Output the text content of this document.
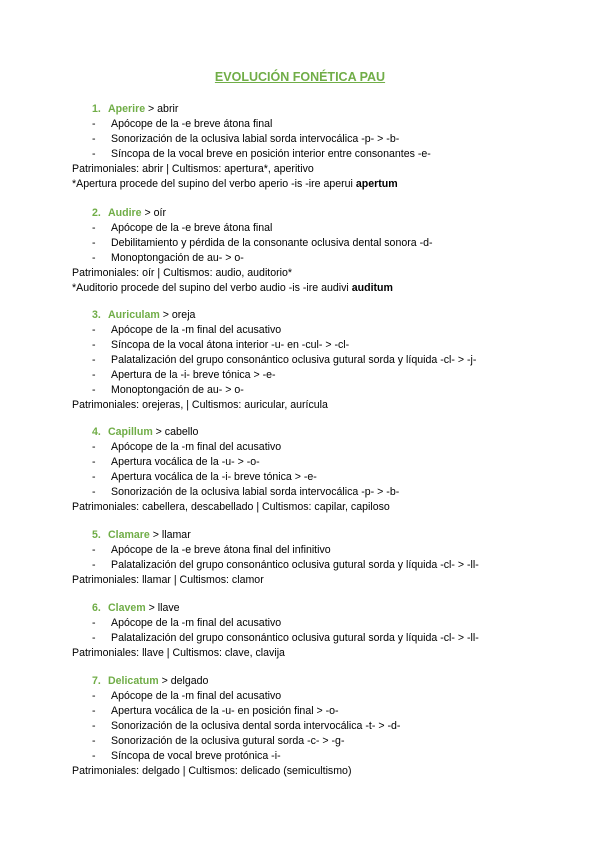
EVOLUCIÓN FONÉTICA PAU
1. Aperire > abrir
- Apócope de la -e breve átona final
- Sonorización de la oclusiva labial sorda intervocálica -p- > -b-
- Síncopa de la vocal breve en posición interior entre consonantes -e-
Patrimoniales: abrir | Cultismos: apertura*, aperitivo
*Apertura procede del supino del verbo aperio -is -ire aperui apertum
2. Audire > oír
- Apócope de la -e breve átona final
- Debilitamiento y pérdida de la consonante oclusiva dental sonora -d-
- Monoptongación de au- > o-
Patrimoniales: oír | Cultismos: audio, auditorio*
*Auditorio procede del supino del verbo audio -is -ire audivi auditum
3. Auriculam > oreja
- Apócope de la -m final del acusativo
- Síncopa de la vocal átona interior -u- en -cul- > -cl-
- Palatalización del grupo consonántico oclusiva gutural sorda y líquida -cl- > -j-
- Apertura de la -i- breve tónica > -e-
- Monoptongación de au- > o-
Patrimoniales: orejeras, | Cultismos: auricular, aurícula
4. Capillum > cabello
- Apócope de la -m final del acusativo
- Apertura vocálica de la -u- > -o-
- Apertura vocálica de la -i- breve tónica > -e-
- Sonorización de la oclusiva labial sorda intervocálica -p- > -b-
Patrimoniales: cabellera, descabellado | Cultismos: capilar, capiloso
5. Clamare > llamar
- Apócope de la -e breve átona final del infinitivo
- Palatalización del grupo consonántico oclusiva gutural sorda y líquida -cl- > -ll-
Patrimoniales: llamar | Cultismos: clamor
6. Clavem > llave
- Apócope de la -m final del acusativo
- Palatalización del grupo consonántico oclusiva gutural sorda y líquida -cl- > -ll-
Patrimoniales: llave | Cultismos: clave, clavija
7. Delicatum > delgado
- Apócope de la -m final del acusativo
- Apertura vocálica de la -u- en posición final > -o-
- Sonorización de la oclusiva dental sorda intervocálica -t- > -d-
- Sonorización de la oclusiva gutural sorda -c- > -g-
- Síncopa de vocal breve protónica -i-
Patrimoniales: delgado | Cultismos: delicado (semicultismo)
